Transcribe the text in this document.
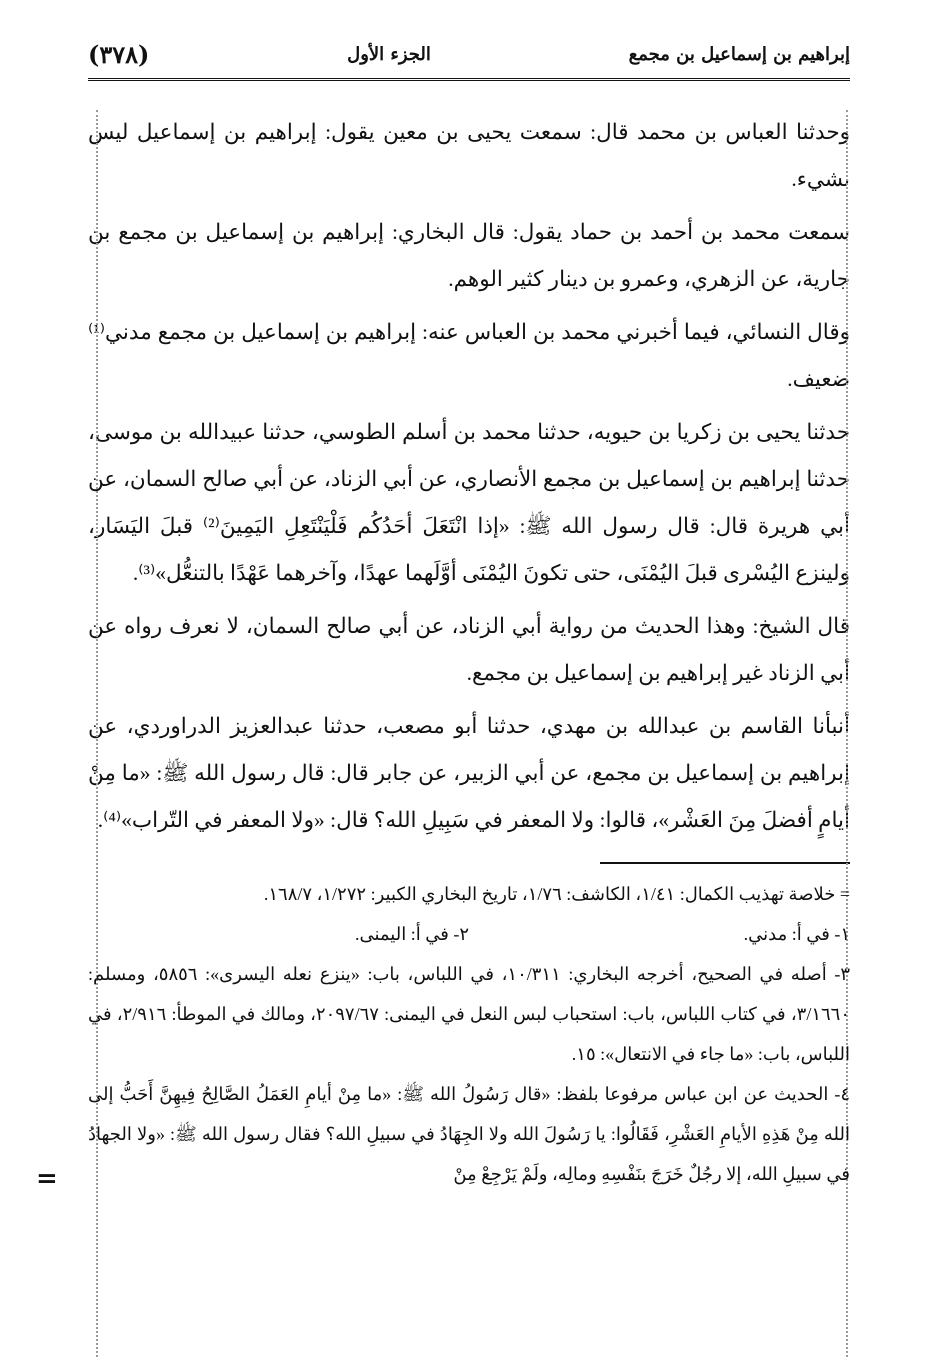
إبراهيم بن إسماعيل بن مجمع
الجزء الأول
(٣٧٨)

وحدثنا العباس بن محمد قال: سمعت يحيى بن معين يقول: إبراهيم بن إسماعيل ليس بشيء.

سمعت محمد بن أحمد بن حماد يقول: قال البخاري: إبراهيم بن إسماعيل بن مجمع بن جارية، عن الزهري، وعمرو بن دينار كثير الوهم.

وقال النسائي، فيما أخبرني محمد بن العباس عنه: إبراهيم بن إسماعيل بن مجمع مدني⁽¹⁾ ضعيف.

حدثنا يحيى بن زكريا بن حيويه، حدثنا محمد بن أسلم الطوسي، حدثنا عبيدالله بن موسى، حدثنا إبراهيم بن إسماعيل بن مجمع الأنصاري، عن أبي الزناد، عن أبي صالح السمان، عن أبي هريرة قال: قال رسول الله ﷺ: «إذا انْتَعَلَ أحَدُكُم فَلْيَنْتَعِلِ اليَمِينَ⁽²⁾ قبلَ اليَسَار، ولينزع اليُسْرى قبلَ اليُمْنَى، حتى تكونَ اليُمْنَى أوَّلَهما عهدًا، وآخرهما عَهْدًا بالتنعُّل»⁽³⁾.

قال الشيخ: وهذا الحديث من رواية أبي الزناد، عن أبي صالح السمان، لا نعرف رواه عن أبي الزناد غير إبراهيم بن إسماعيل بن مجمع.

أنبأنا القاسم بن عبدالله بن مهدي، حدثنا أبو مصعب، حدثنا عبدالعزيز الدراوردي، عن إبراهيم بن إسماعيل بن مجمع، عن أبي الزبير، عن جابر قال: قال رسول الله ﷺ: «ما مِنْ أيامٍ أفضلَ مِنَ العَشْر»، قالوا: ولا المعفر في سَبِيلِ الله؟ قال: «ولا المعفر في التّراب»⁽⁴⁾.

= خلاصة تهذيب الكمال: ١/٤١، الكاشف: ١/٧٦، تاريخ البخاري الكبير: ١/٢٧٢، ١٦٨/٧.

١- في أ: مدني.

٢- في أ: اليمنى.

٣- أصله في الصحيح، أخرجه البخاري: ١٠/٣١١، في اللباس، باب: «ينزع نعله اليسرى»: ٥٨٥٦، ومسلم: ٣/١٦٦٠، في كتاب اللباس، باب: استحباب لبس النعل في اليمنى: ٢٠٩٧/٦٧، ومالك في الموطأ: ٢/٩١٦، في اللباس، باب: «ما جاء في الانتعال»: ١٥.

٤- الحديث عن ابن عباس مرفوعا بلفظ: «قال رَسُولُ الله ﷺ: «ما مِنْ أيامِ العَمَلُ الصَّالِحُ فِيهِنَّ أَحَبُّ إلى الله مِنْ هَذِهِ الأيامِ العَشْرِ، فَقَالُوا: يا رَسُولَ الله ولا الجِهَادُ في سبيلِ الله؟ فقال رسول الله ﷺ: «ولا الجهادُ في سبيلِ الله، إلا رجُلٌ خَرَجَ بنَفْسِهِ ومالِه، ولَمْ يَرْجِعْ مِنْ

=
